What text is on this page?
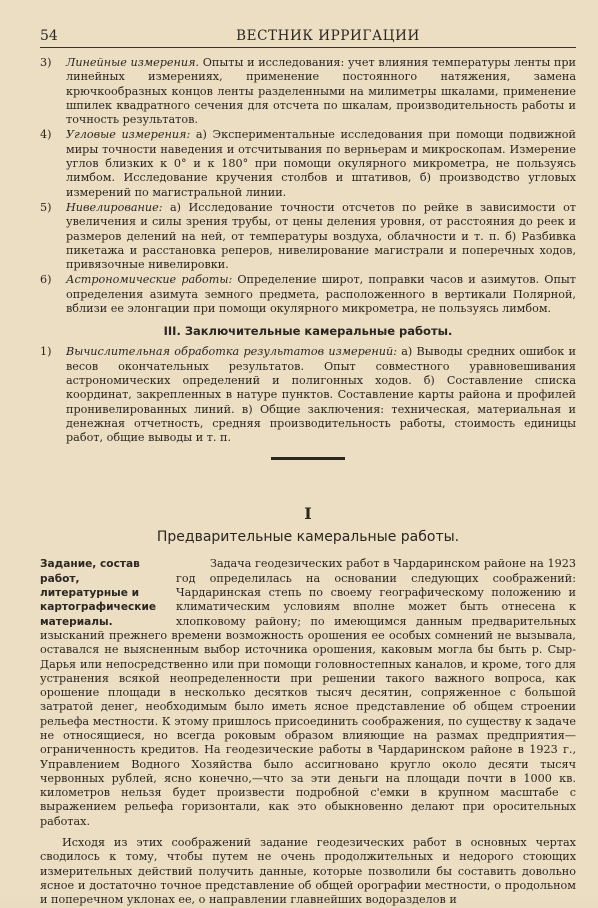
54	ВЕСТНИК ИРРИГАЦИИ
3)	Линейные измерения. Опыты и исследования: учет влияния температуры ленты при линейных измерениях, применение постоянного натяжения, замена крючкообразных концов ленты разделенными на милиметры шкалами, применение шпилек квадратного сечения для отсчета по шкалам, производительность работы и точность результатов.
4)	Угловые измерения: а) Экспериментальные исследования при помощи подвижной миры точности наведения и отсчитывания по верньерам и микроскопам. Измерение углов близких к 0° и к 180° при помощи окулярного микрометра, не пользуясь лимбом. Исследование кручения столбов и штативов, б) производство угловых измерений по магистральной линии.
5)	Нивелирование: а) Исследование точности отсчетов по рейке в зависимости от увеличения и силы зрения трубы, от цены деления уровня, от расстояния до реек и размеров делений на ней, от температуры воздуха, облачности и т. п. б) Разбивка пикетажа и расстановка реперов, нивелирование магистрали и поперечных ходов, привязочные нивелировки.
6)	Астрономические работы: Определение широт, поправки часов и азимутов. Опыт определения азимута земного предмета, расположенного в вертикали Полярной, вблизи ее элонгации при помощи окулярного микрометра, не пользуясь лимбом.
III. Заключительные камеральные работы.
1)	Вычислительная обработка результатов измерений: а) Выводы средних ошибок и весов окончательных результатов. Опыт совместного уравновешивания астрономических определений и полигонных ходов. б) Составление списка координат, закрепленных в натуре пунктов. Составление карты района и профилей пронивелированных линий. в) Общие заключения: техническая, материальная и денежная отчетность, средняя производительность работы, стоимость единицы работ, общие выводы и т. п.
I
Предварительные камеральные работы.
Задание, состав работ, литературные и картографические материалы.

Задача геодезических работ в Чардаринском районе на 1923 год определилась на основании следующих соображений: Чардаринская степь по своему географическому положению и климатическим условиям вполне может быть отнесена к хлопковому району; по имеющимся данным предварительных изысканий прежнего времени возможность орошения ее особых сомнений не вызывала, оставался не выясненным выбор источника орошения, каковым могла бы быть р. Сыр-Дарья или непосредственно или при помощи головностепных каналов, и кроме, того для устранения всякой неопределенности при решении такого важного вопроса, как орошение площади в несколько десятков тысяч десятин, сопряженное с большой затратой денег, необходимым было иметь ясное представление об общем строении рельефа местности. К этому пришлось присоединить соображения, по существу к задаче не относящиеся, но всегда роковым образом влияющие на размах предприятия—ограниченность кредитов. На геодезические работы в Чардаринском районе в 1923 г., Управлением Водного Хозяйства было ассигновано кругло около десяти тысяч червонных рублей, ясно конечно,—что за эти деньги на площади почти в 1000 кв. километров нельзя будет произвести подробной с'емки в крупном масштабе с выражением рельефа горизонтали, как это обыкновенно делают при оросительных работах.

Исходя из этих соображений задание геодезических работ в основных чертах сводилось к тому, чтобы путем не очень продолжительных и недорого стоющих измерительных действий получить данные, которые позволили бы составить довольно ясное и достаточно точное представление об общей орографии местности, о продольном и поперечном уклонах ее, о направлении главнейших водоразделов и
